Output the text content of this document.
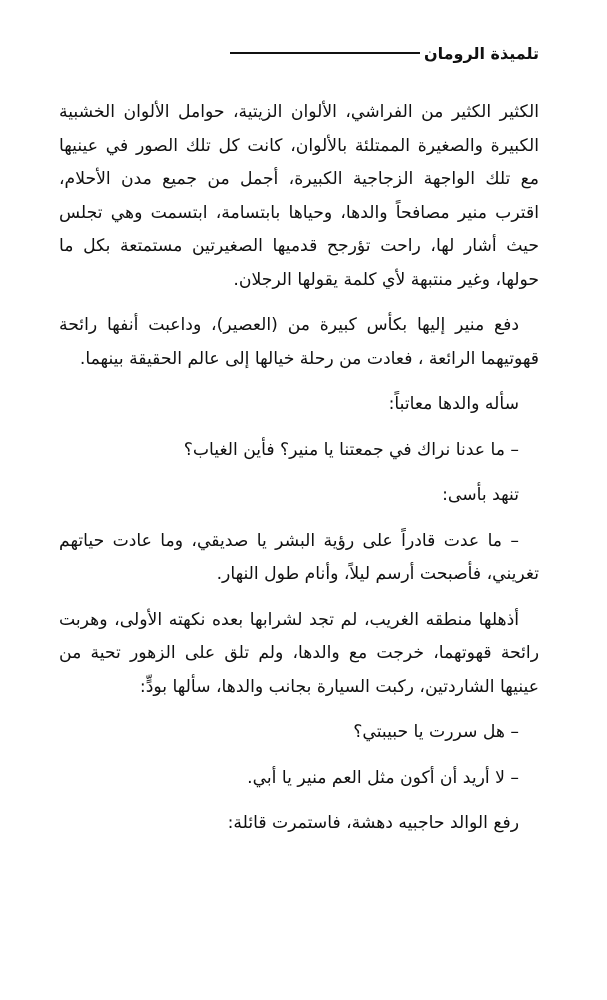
تلميذة الرومان

الكثير الكثير من الفراشي، الألوان الزيتية، حوامل الألوان الخشبية الكبيرة والصغيرة الممتلئة بالألوان، كانت كل تلك الصور في عينيها مع تلك الواجهة الزجاجية الكبيرة، أجمل من جميع مدن الأحلام، اقترب منير مصافحاً والدها، وحياها بابتسامة، ابتسمت وهي تجلس حيث أشار لها، راحت تؤرجح قدميها الصغيرتين مستمتعة بكل ما حولها، وغير منتبهة لأي كلمة يقولها الرجلان.

دفع منير إليها بكأس كبيرة من (العصير)، وداعبت أنفها رائحة قهوتيهما الرائعة ، فعادت من رحلة خيالها إلى عالم الحقيقة بينهما.

سأله والدها معاتباً:

– ما عدنا نراك في جمعتنا يا منير؟ فأين الغياب؟

تنهد بأسى:

– ما عدت قادراً على رؤية البشر يا صديقي، وما عادت حياتهم تغريني، فأصبحت أرسم ليلاً، وأنام طول النهار.

أذهلها منطقه الغريب، لم تجد لشرابها بعده نكهته الأولى، وهربت رائحة قهوتهما، خرجت مع والدها، ولم تلق على الزهور تحية من عينيها الشاردتين، ركبت السيارة بجانب والدها، سألها بودٍّ:

– هل سررت يا حبيبتي؟

– لا أريد أن أكون مثل العم منير يا أبي.

رفع الوالد حاجبيه دهشة، فاستمرت قائلة:
